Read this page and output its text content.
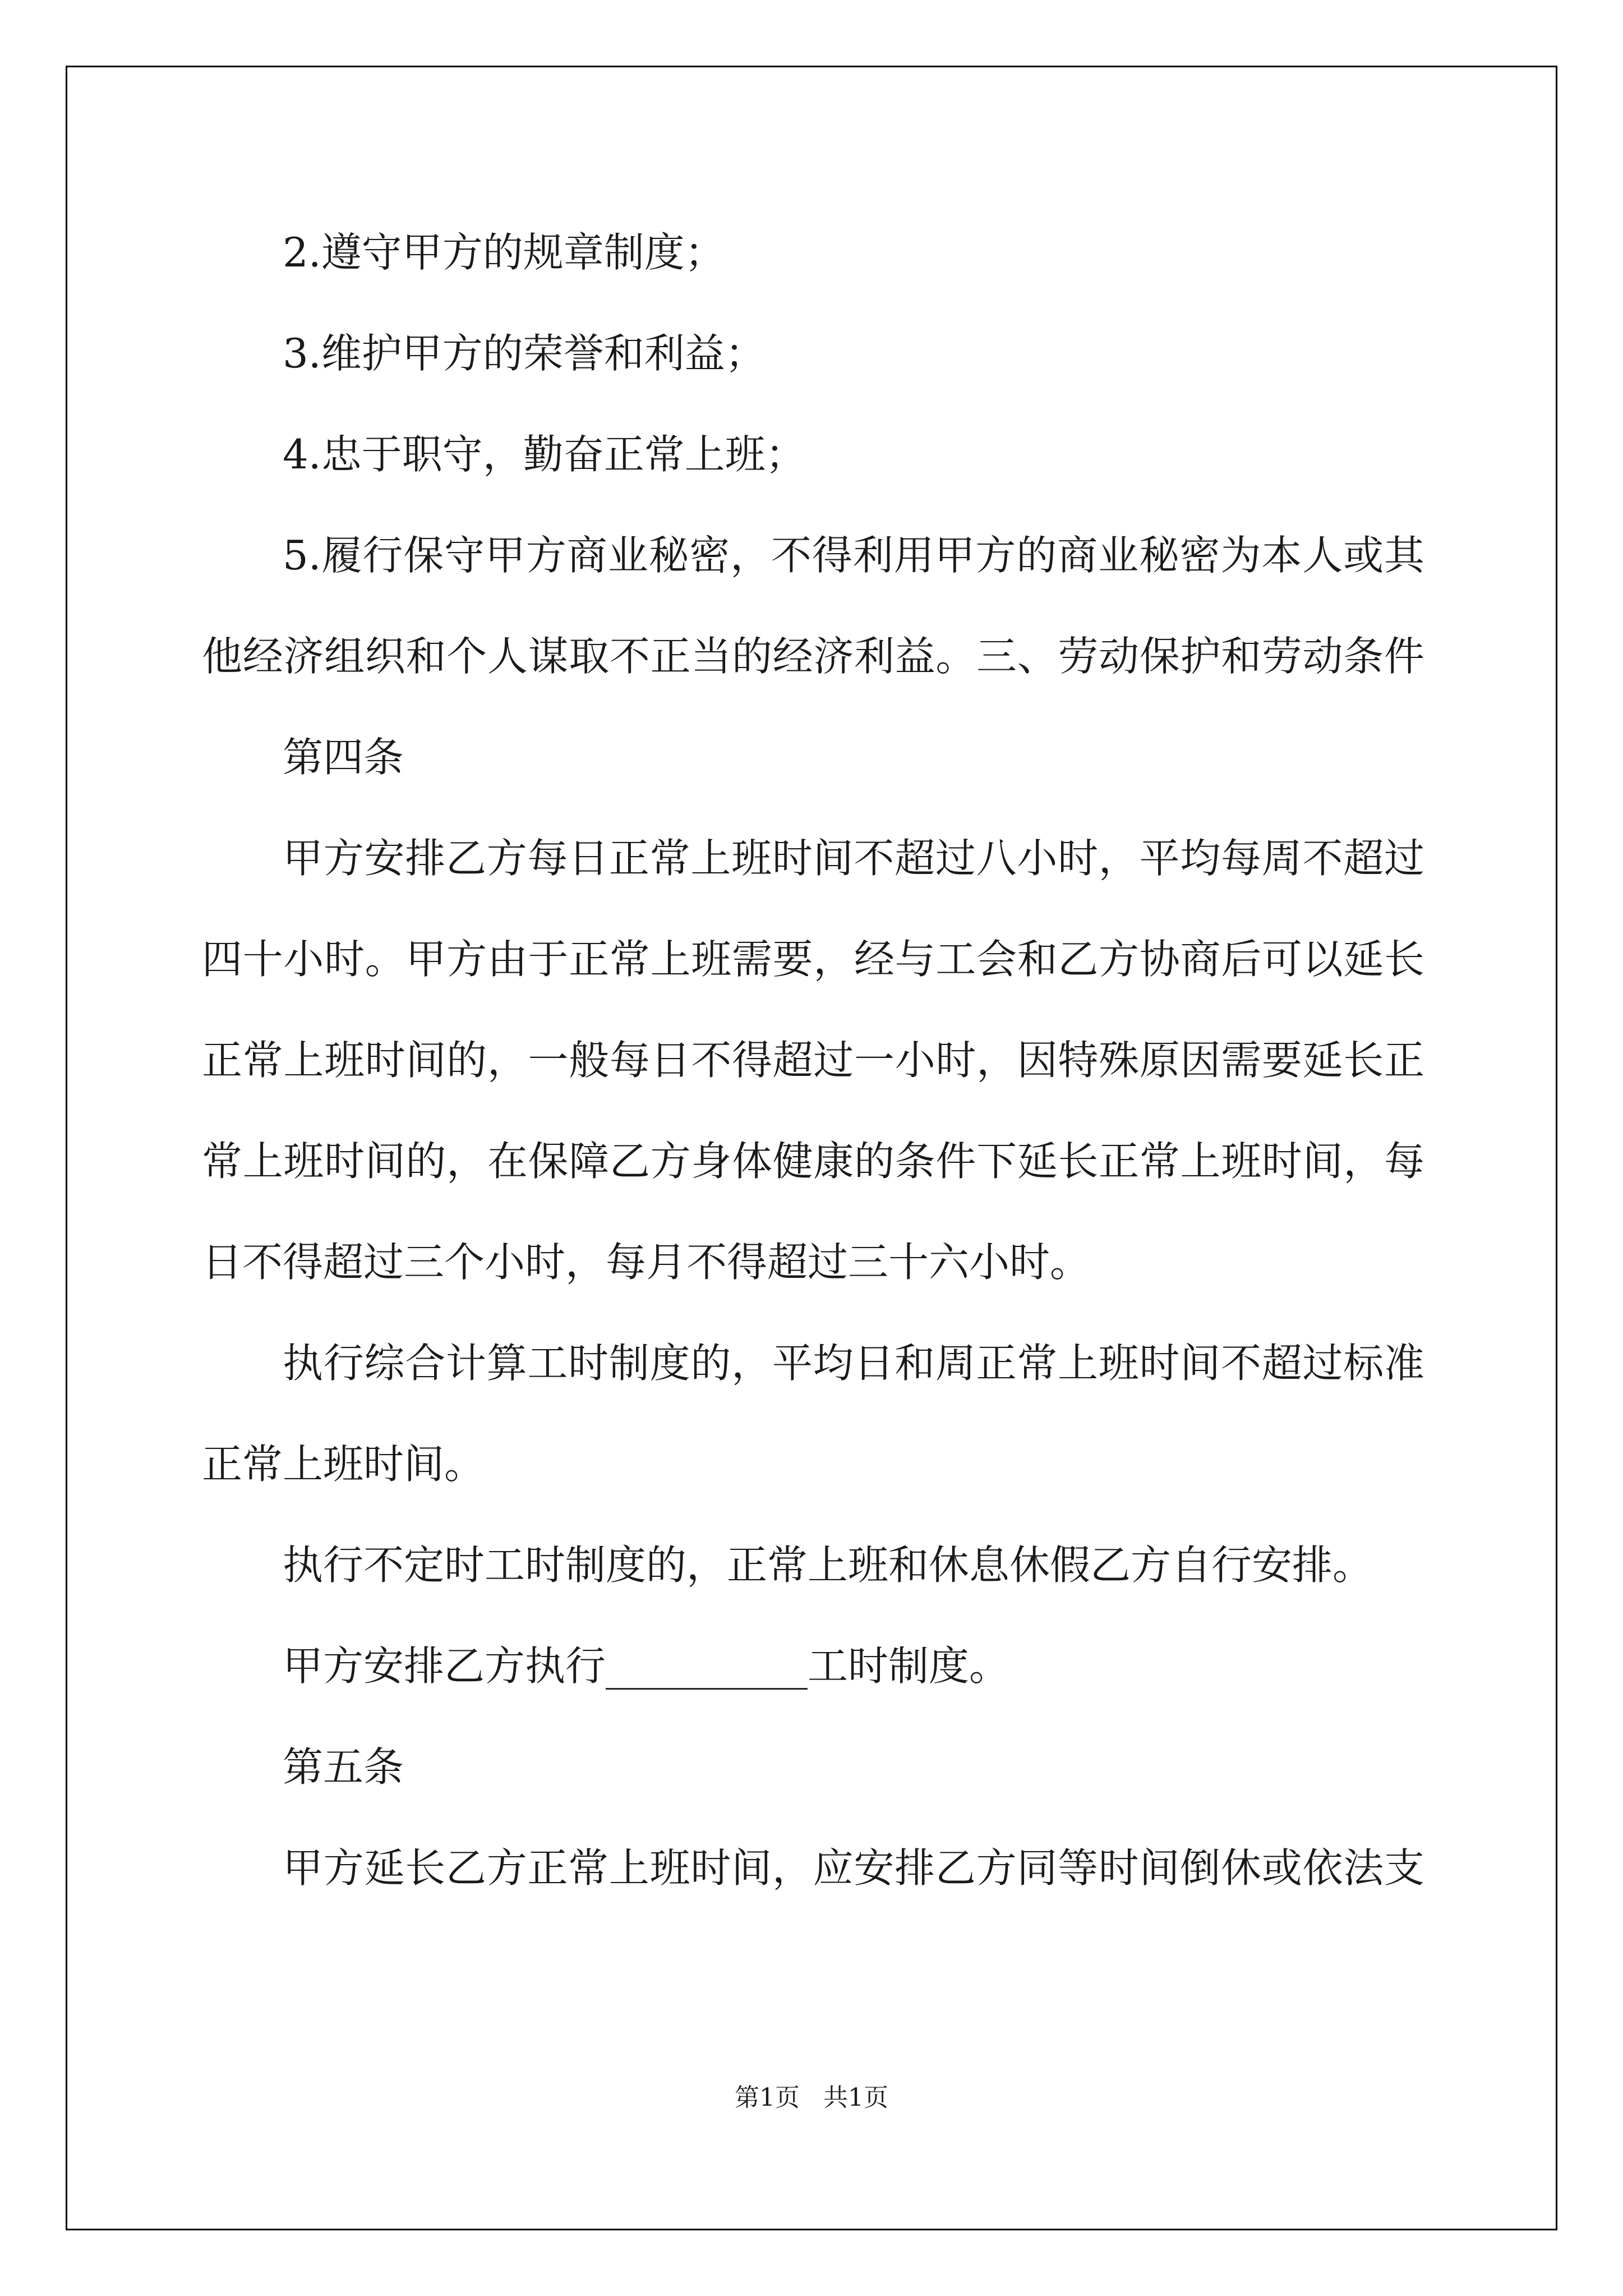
2.遵守甲方的规章制度；
3.维护甲方的荣誉和利益；
4.忠于职守，勤奋正常上班；
5.履行保守甲方商业秘密，不得利用甲方的商业秘密为本人或其
他经济组织和个人谋取不正当的经济利益。三、劳动保护和劳动条件
第四条
甲方安排乙方每日正常上班时间不超过八小时，平均每周不超过
四十小时。甲方由于正常上班需要，经与工会和乙方协商后可以延长
正常上班时间的，一般每日不得超过一小时，因特殊原因需要延长正
常上班时间的，在保障乙方身体健康的条件下延长正常上班时间，每
日不得超过三个小时，每月不得超过三十六小时。
执行综合计算工时制度的，平均日和周正常上班时间不超过标准
正常上班时间。
执行不定时工时制度的，正常上班和休息休假乙方自行安排。
甲方安排乙方执行__________工时制度。
第五条
甲方延长乙方正常上班时间，应安排乙方同等时间倒休或依法支
第1页 共1页
